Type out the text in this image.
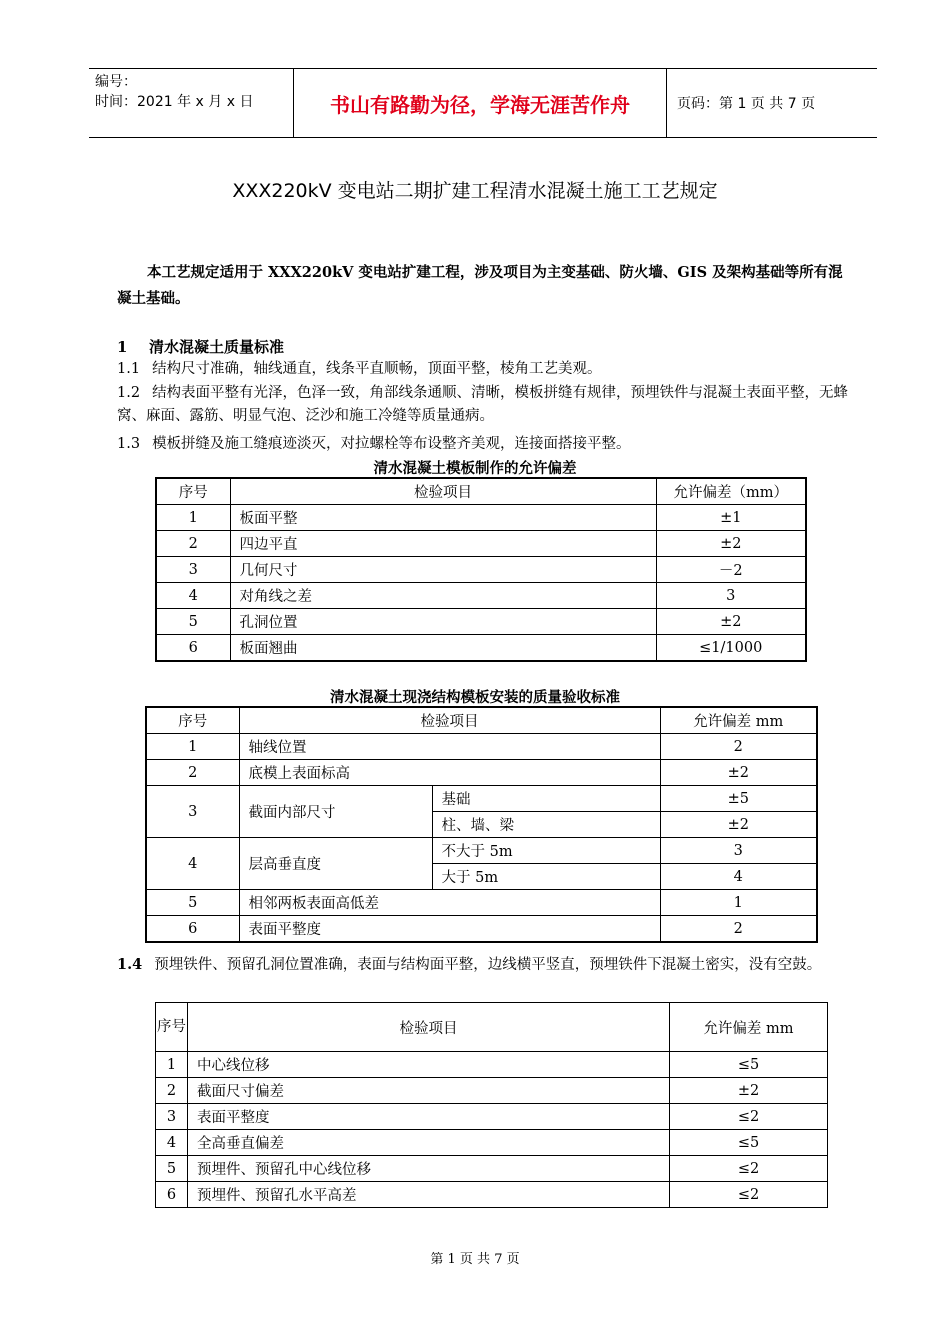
编号：
时间：2021 年 x 月 x 日	书山有路勤为径，学海无涯苦作舟	页码：第 1 页 共 7 页
XXX220kV 变电站二期扩建工程清水混凝土施工工艺规定
本工艺规定适用于 XXX220kV 变电站扩建工程，涉及项目为主变基础、防火墙、GIS 及架构基础等所有混凝土基础。
1 清水混凝土质量标准
1.1 结构尺寸准确，轴线通直，线条平直顺畅，顶面平整，棱角工艺美观。
1.2 结构表面平整有光泽，色泽一致，角部线条通顺、清晰，模板拼缝有规律，预埋铁件与混凝土表面平整，无蜂窝、麻面、露筋、明显气泡、泛沙和施工冷缝等质量通病。
1.3 模板拼缝及施工缝痕迹淡灭，对拉螺栓等布设整齐美观，连接面搭接平整。
清水混凝土模板制作的允许偏差
序号	检验项目	允许偏差（mm）
1	板面平整	±1
2	四边平直	±2
3	几何尺寸	－2
4	对角线之差	3
5	孔洞位置	±2
6	板面翘曲	≤1/1000
清水混凝土现浇结构模板安装的质量验收标准
序号	检验项目		允许偏差 mm
1	轴线位置		2
2	底模上表面标高		±2
3	截面内部尺寸	基础	±5
		柱、墙、梁	±2
4	层高垂直度	不大于 5m	3
		大于 5m	4
5	相邻两板表面高低差		1
6	表面平整度		2
1.4 预埋铁件、预留孔洞位置准确，表面与结构面平整，边线横平竖直，预埋铁件下混凝土密实，没有空鼓。
序号	检验项目	允许偏差 mm
1	中心线位移	≤5
2	截面尺寸偏差	±2
3	表面平整度	≤2
4	全高垂直偏差	≤5
5	预埋件、预留孔中心线位移	≤2
6	预埋件、预留孔水平高差	≤2
第 1 页 共 7 页
